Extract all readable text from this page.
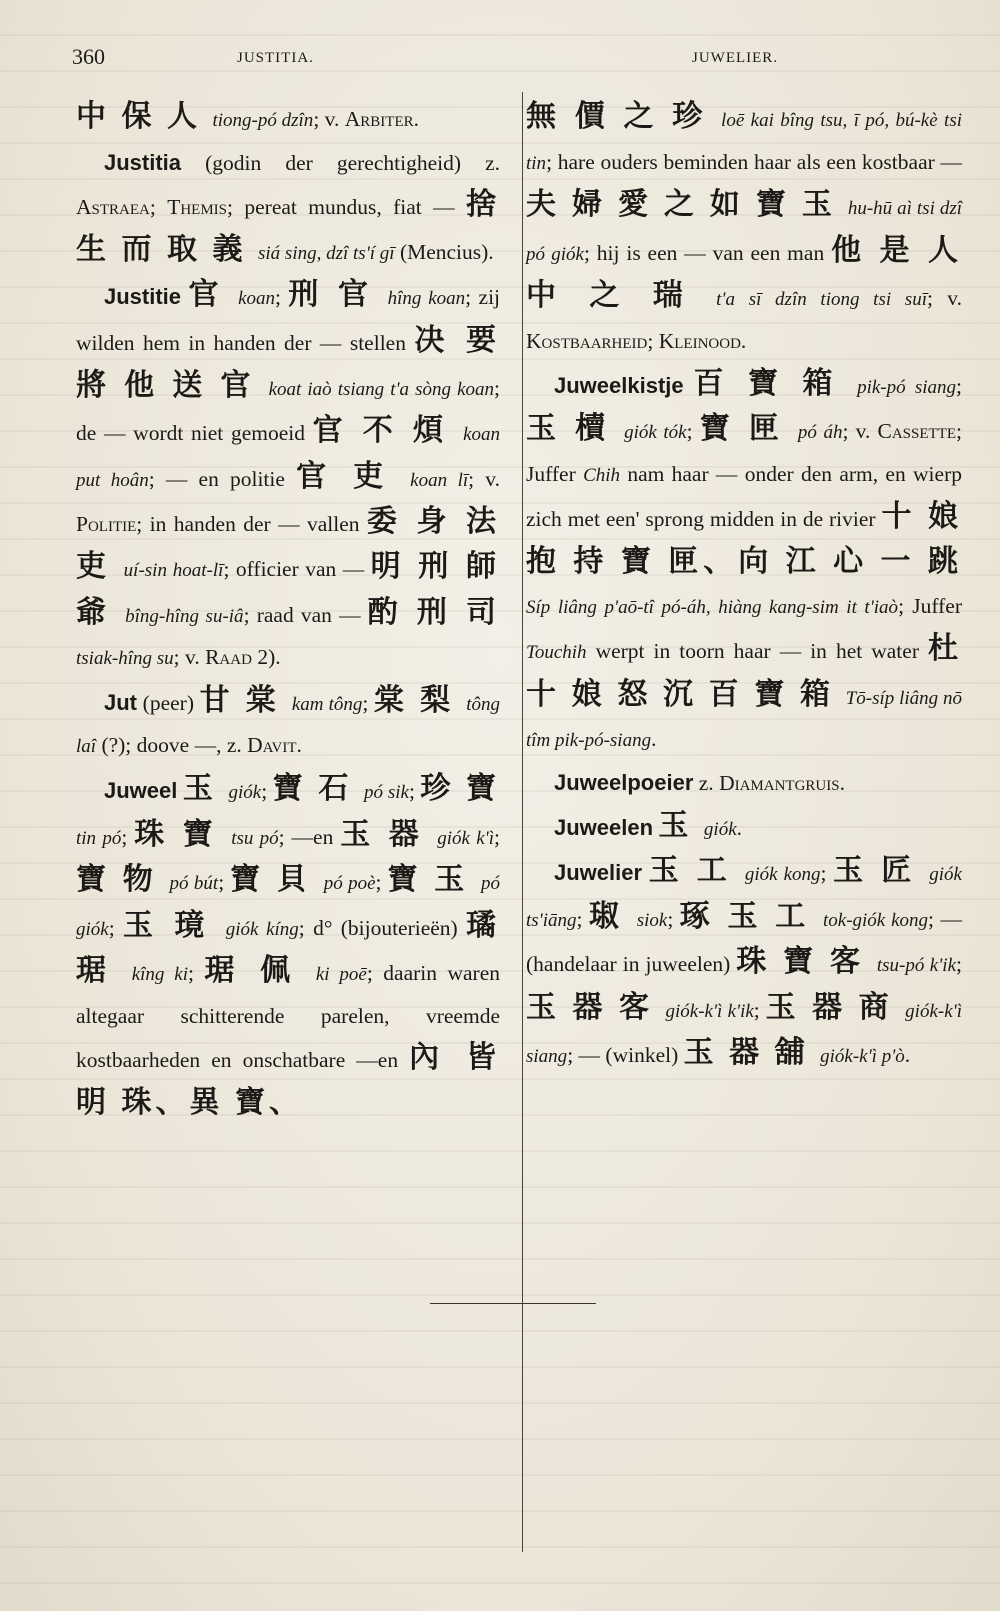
360	JUSTITIA.	JUWELIER.

中 保 人 tiong-pó dzîn; v. Arbiter.

Justitia (godin der gerechtigheid) z. Astraea; Themis; pereat mundus, fiat — 捨 生 而 取 義 siá sing, dzî ts'í gī (Mencius).

Justitie 官 koan; 刑 官 hîng koan; zij wilden hem in handen der — stellen 决 要 將 他 送 官 koat iaò tsiang t'a sòng koan; de — wordt niet gemoeid 官 不 煩 koan put hoân; — en politie 官 吏 koan lī; v. Politie; in handen der — vallen 委 身 法 吏 uí-sin hoat-lī; officier van — 明 刑 師 爺 bîng-hîng su-iâ; raad van — 酌 刑 司 tsiak-hîng su; v. Raad 2).

Jut (peer) 甘 棠 kam tông; 棠 梨 tông laî (?); doove —, z. Davit.

Juweel 玉 giók; 寶 石 pó sik; 珍 寶 tin pó; 珠 寶 tsu pó; —en 玉 器 giók k'ì; 寶 物 pó bút; 寶 貝 pó poè; 寶 玉 pó giók; 玉 璄 giók kíng; d° (bijouterieën) 璚 琚 kîng ki; 琚 佩 ki poē; daarin waren altegaar schitterende parelen, vreemde kostbaarheden en onschatbare —en 內 皆 明 珠、異 寶、

無 價 之 珍 loē kai bîng tsu, ī pó, bú-kè tsi tin; hare ouders beminden haar als een kostbaar — 夫 婦 愛 之 如 寶 玉 hu-hū aì tsi dzî pó giók; hij is een — van een man 他 是 人 中 之 瑞 t'a sī dzîn tiong tsi suī; v. Kostbaarheid; Kleinood.

Juweelkistje 百 寶 箱 pik-pó siang; 玉 櫝 giók tók; 寶 匣 pó áh; v. Cassette; Juffer Chih nam haar — onder den arm, en wierp zich met een' sprong midden in de rivier 十 娘 抱 持 寶 匣、向 江 心 一 跳 Síp liâng p'aō-tî pó-áh, hiàng kang-sim it t'iaò; Juffer Touchih werpt in toorn haar — in het water 杜 十 娘 怒 沉 百 寶 箱 Tō-síp liâng nō tîm pik-pó-siang.

Juweelpoeier z. Diamantgruis.

Juweelen 玉 giók.

Juwelier 玉 工 giók kong; 玉 匠 giók ts'iāng; 琡 siok; 琢 玉 工 tok-giók kong; — (handelaar in juweelen) 珠 寶 客 tsu-pó k'ik; 玉 器 客 giók-k'ì k'ik; 玉 器 商 giók-k'ì siang; — (winkel) 玉 器 舖 giók-k'ì p'ò.
